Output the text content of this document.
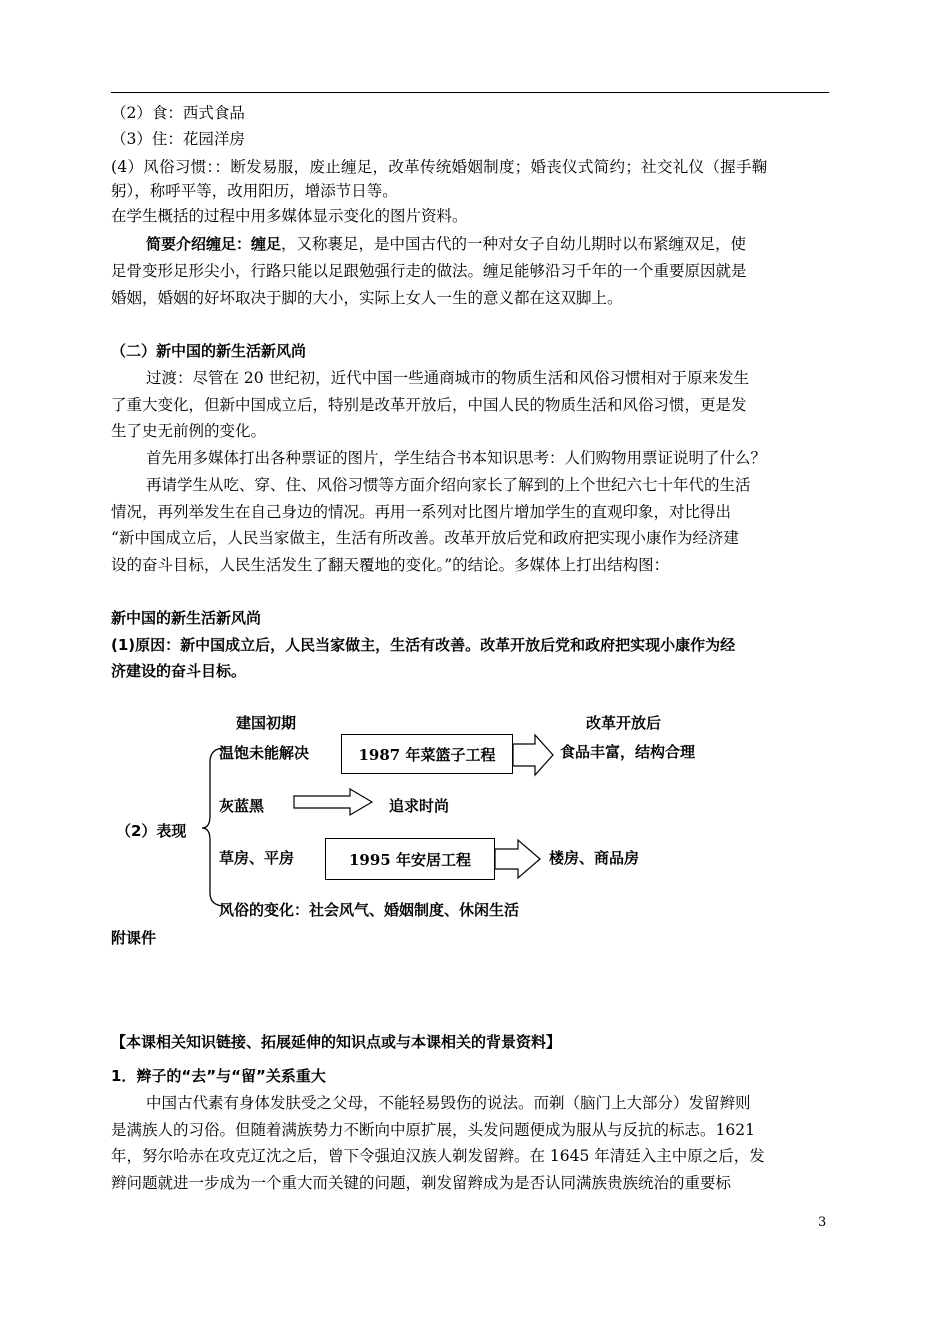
（2）食：西式食品
（3）住：花园洋房
(4）风俗习惯：：断发易服，废止缠足，改革传统婚姻制度；婚丧仪式简约；社交礼仪（握手鞠
躬），称呼平等，改用阳历，增添节日等。
在学生概括的过程中用多媒体显示变化的图片资料。
简要介绍缠足：缠足，又称裹足，是中国古代的一种对女子自幼儿期时以布紧缠双足，使
足骨变形足形尖小，行路只能以足跟勉强行走的做法。缠足能够沿习千年的一个重要原因就是
婚姻，婚姻的好坏取决于脚的大小，实际上女人一生的意义都在这双脚上。
（二）新中国的新生活新风尚
过渡：尽管在 20 世纪初，近代中国一些通商城市的物质生活和风俗习惯相对于原来发生
了重大变化，但新中国成立后，特别是改革开放后，中国人民的物质生活和风俗习惯，更是发
生了史无前例的变化。
首先用多媒体打出各种票证的图片，学生结合书本知识思考：人们购物用票证说明了什么？
再请学生从吃、穿、住、风俗习惯等方面介绍向家长了解到的上个世纪六七十年代的生活
情况，再列举发生在自己身边的情况。再用一系列对比图片增加学生的直观印象，对比得出
“新中国成立后，人民当家做主，生活有所改善。改革开放后党和政府把实现小康作为经济建
设的奋斗目标，人民生活发生了翻天覆地的变化。”的结论。多媒体上打出结构图：
新中国的新生活新风尚
(1)原因：新中国成立后，人民当家做主，生活有改善。改革开放后党和政府把实现小康作为经
济建设的奋斗目标。
建国初期	改革开放后
（2）表现
温饱未能解决	1987 年菜篮子工程	食品丰富，结构合理
灰蓝黑	追求时尚
草房、平房	1995 年安居工程	楼房、商品房
风俗的变化：社会风气、婚姻制度、休闲生活
附课件
【本课相关知识链接、拓展延伸的知识点或与本课相关的背景资料】
1．辫子的“去”与“留”关系重大
中国古代素有身体发肤受之父母，不能轻易毁伤的说法。而剃（脑门上大部分）发留辫则
是满族人的习俗。但随着满族势力不断向中原扩展，头发问题便成为服从与反抗的标志。1621
年，努尔哈赤在攻克辽沈之后，曾下令强迫汉族人剃发留辫。在 1645 年清廷入主中原之后，发
辫问题就进一步成为一个重大而关键的问题，剃发留辫成为是否认同满族贵族统治的重要标
3
